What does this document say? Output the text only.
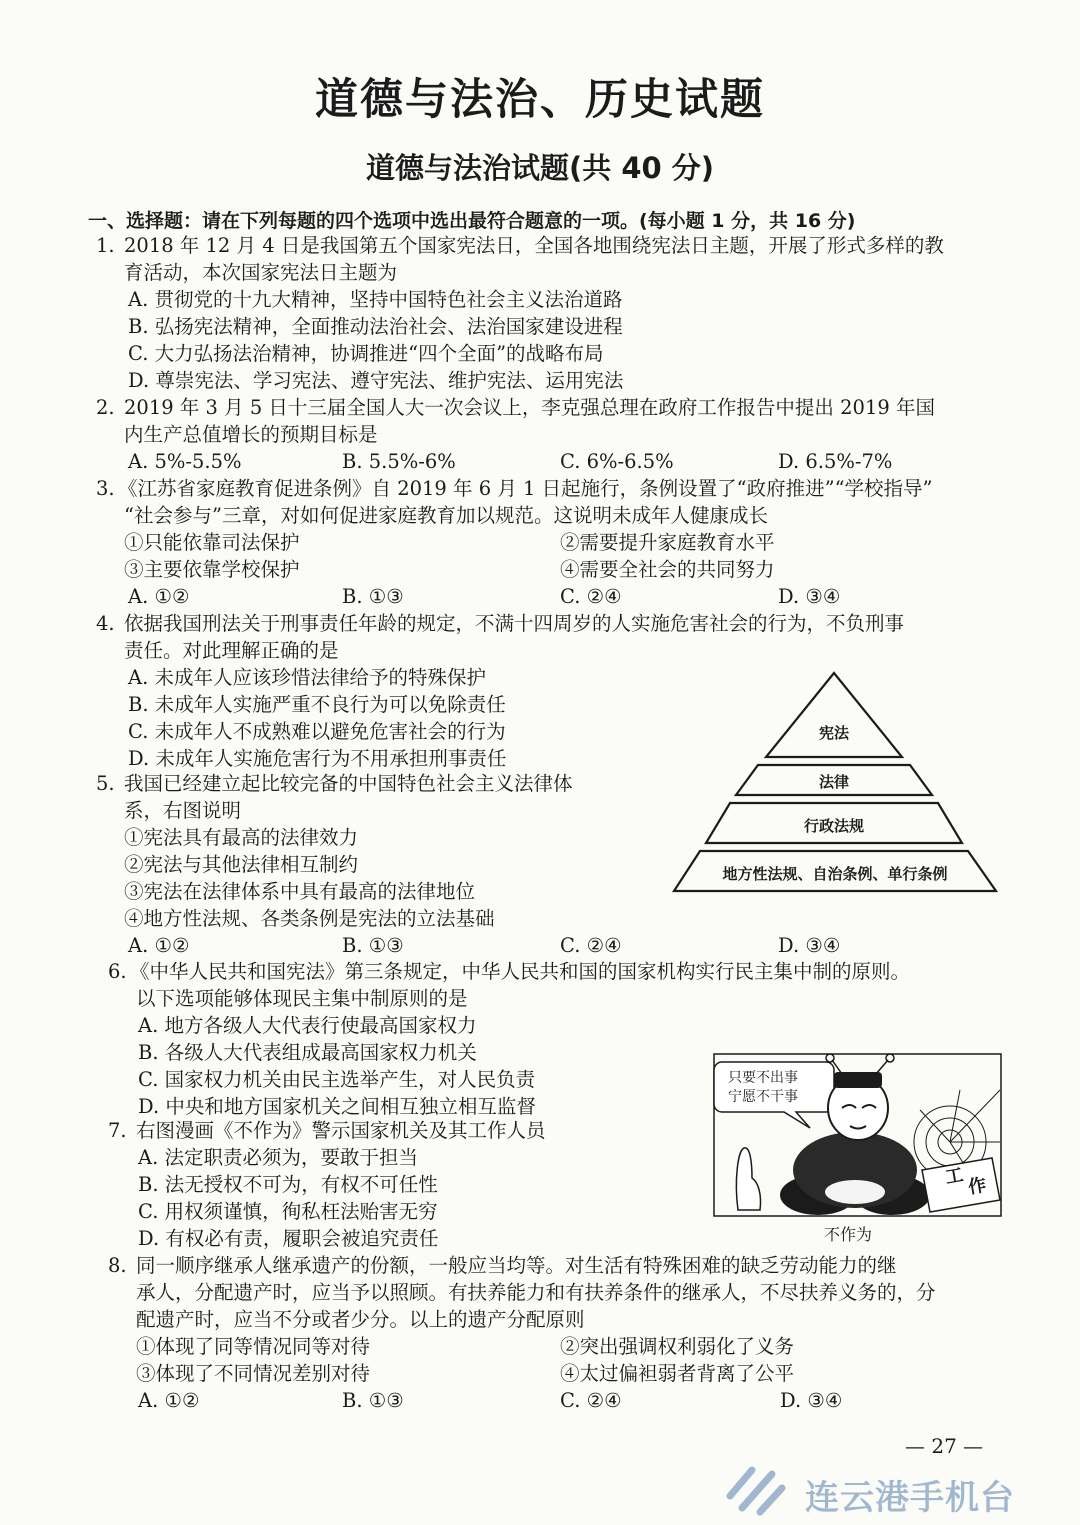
道德与法治、历史试题
道德与法治试题(共 40 分)
一、选择题：请在下列每题的四个选项中选出最符合题意的一项。(每小题 1 分，共 16 分)
1. 2018 年 12 月 4 日是我国第五个国家宪法日，全国各地围绕宪法日主题，开展了形式多样的教
育活动，本次国家宪法日主题为
A. 贯彻党的十九大精神，坚持中国特色社会主义法治道路
B. 弘扬宪法精神，全面推动法治社会、法治国家建设进程
C. 大力弘扬法治精神，协调推进“四个全面”的战略布局
D. 尊崇宪法、学习宪法、遵守宪法、维护宪法、运用宪法
2. 2019 年 3 月 5 日十三届全国人大一次会议上，李克强总理在政府工作报告中提出 2019 年国
内生产总值增长的预期目标是
A. 5%-5.5%	B. 5.5%-6%	C. 6%-6.5%	D. 6.5%-7%
3. 《江苏省家庭教育促进条例》自 2019 年 6 月 1 日起施行，条例设置了“政府推进”“学校指导”
“社会参与”三章，对如何促进家庭教育加以规范。这说明未成年人健康成长
①只能依靠司法保护	②需要提升家庭教育水平
③主要依靠学校保护	④需要全社会的共同努力
A. ①②	B. ①③	C. ②④	D. ③④
4. 依据我国刑法关于刑事责任年龄的规定，不满十四周岁的人实施危害社会的行为，不负刑事
责任。对此理解正确的是
A. 未成年人应该珍惜法律给予的特殊保护
B. 未成年人实施严重不良行为可以免除责任
C. 未成年人不成熟难以避免危害社会的行为
D. 未成年人实施危害行为不用承担刑事责任
宪法
法律
行政法规
地方性法规、自治条例、单行条例
5. 我国已经建立起比较完备的中国特色社会主义法律体
系，右图说明
①宪法具有最高的法律效力
②宪法与其他法律相互制约
③宪法在法律体系中具有最高的法律地位
④地方性法规、各类条例是宪法的立法基础
A. ①②	B. ①③	C. ②④	D. ③④
6. 《中华人民共和国宪法》第三条规定，中华人民共和国的国家机构实行民主集中制的原则。
以下选项能够体现民主集中制原则的是
A. 地方各级人大代表行使最高国家权力
B. 各级人大代表组成最高国家权力机关
C. 国家权力机关由民主选举产生，对人民负责
D. 中央和地方国家机关之间相互独立相互监督
只要不出事
宁愿不干事
工 作
不作为
7. 右图漫画《不作为》警示国家机关及其工作人员
A. 法定职责必须为，要敢于担当
B. 法无授权不可为，有权不可任性
C. 用权须谨慎，徇私枉法贻害无穷
D. 有权必有责，履职会被追究责任
8. 同一顺序继承人继承遗产的份额，一般应当均等。对生活有特殊困难的缺乏劳动能力的继
承人，分配遗产时，应当予以照顾。有扶养能力和有扶养条件的继承人，不尽扶养义务的，分
配遗产时，应当不分或者少分。以上的遗产分配原则
①体现了同等情况同等对待	②突出强调权利弱化了义务
③体现了不同情况差别对待	④太过偏袒弱者背离了公平
A. ①②	B. ①③	C. ②④	D. ③④
— 27 —
连云港手机台
